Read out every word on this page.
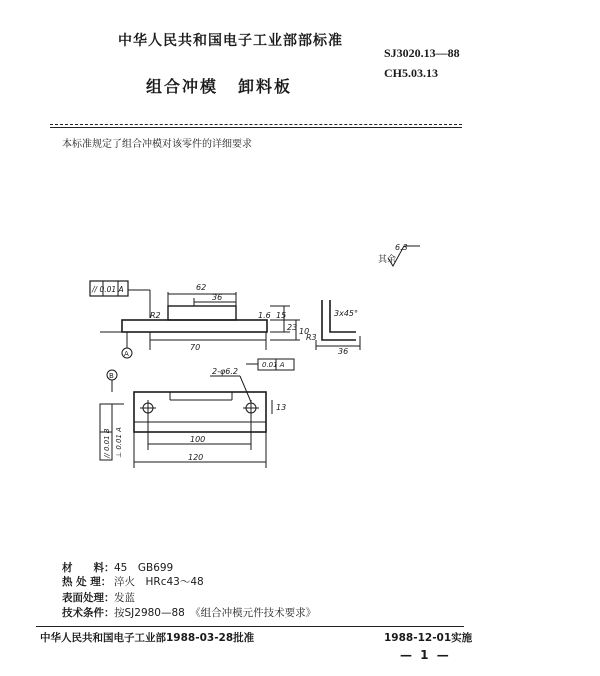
中华人民共和国电子工业部部标准
SJ3020.13—88
CH5.03.13
组合冲模 卸料板
本标准规定了组合冲模对该零件的详细要求
其余
6.3
// 0.01 A	62
36
R2	1.6 15
23 10
70
R3
36
3x45°
A
B	2-φ6.2
0.01 A
13
100
120
// 0.01 B ⊥ 0.01 A
材　　料：45　GB699
热 处 理： 淬火　HRc43～48
表面处理：发蓝
技术条件：按SJ2980—88　《组合冲模元件技术要求》
中华人民共和国电子工业部1988-03-28批准	1988-12-01实施
— 1 —
